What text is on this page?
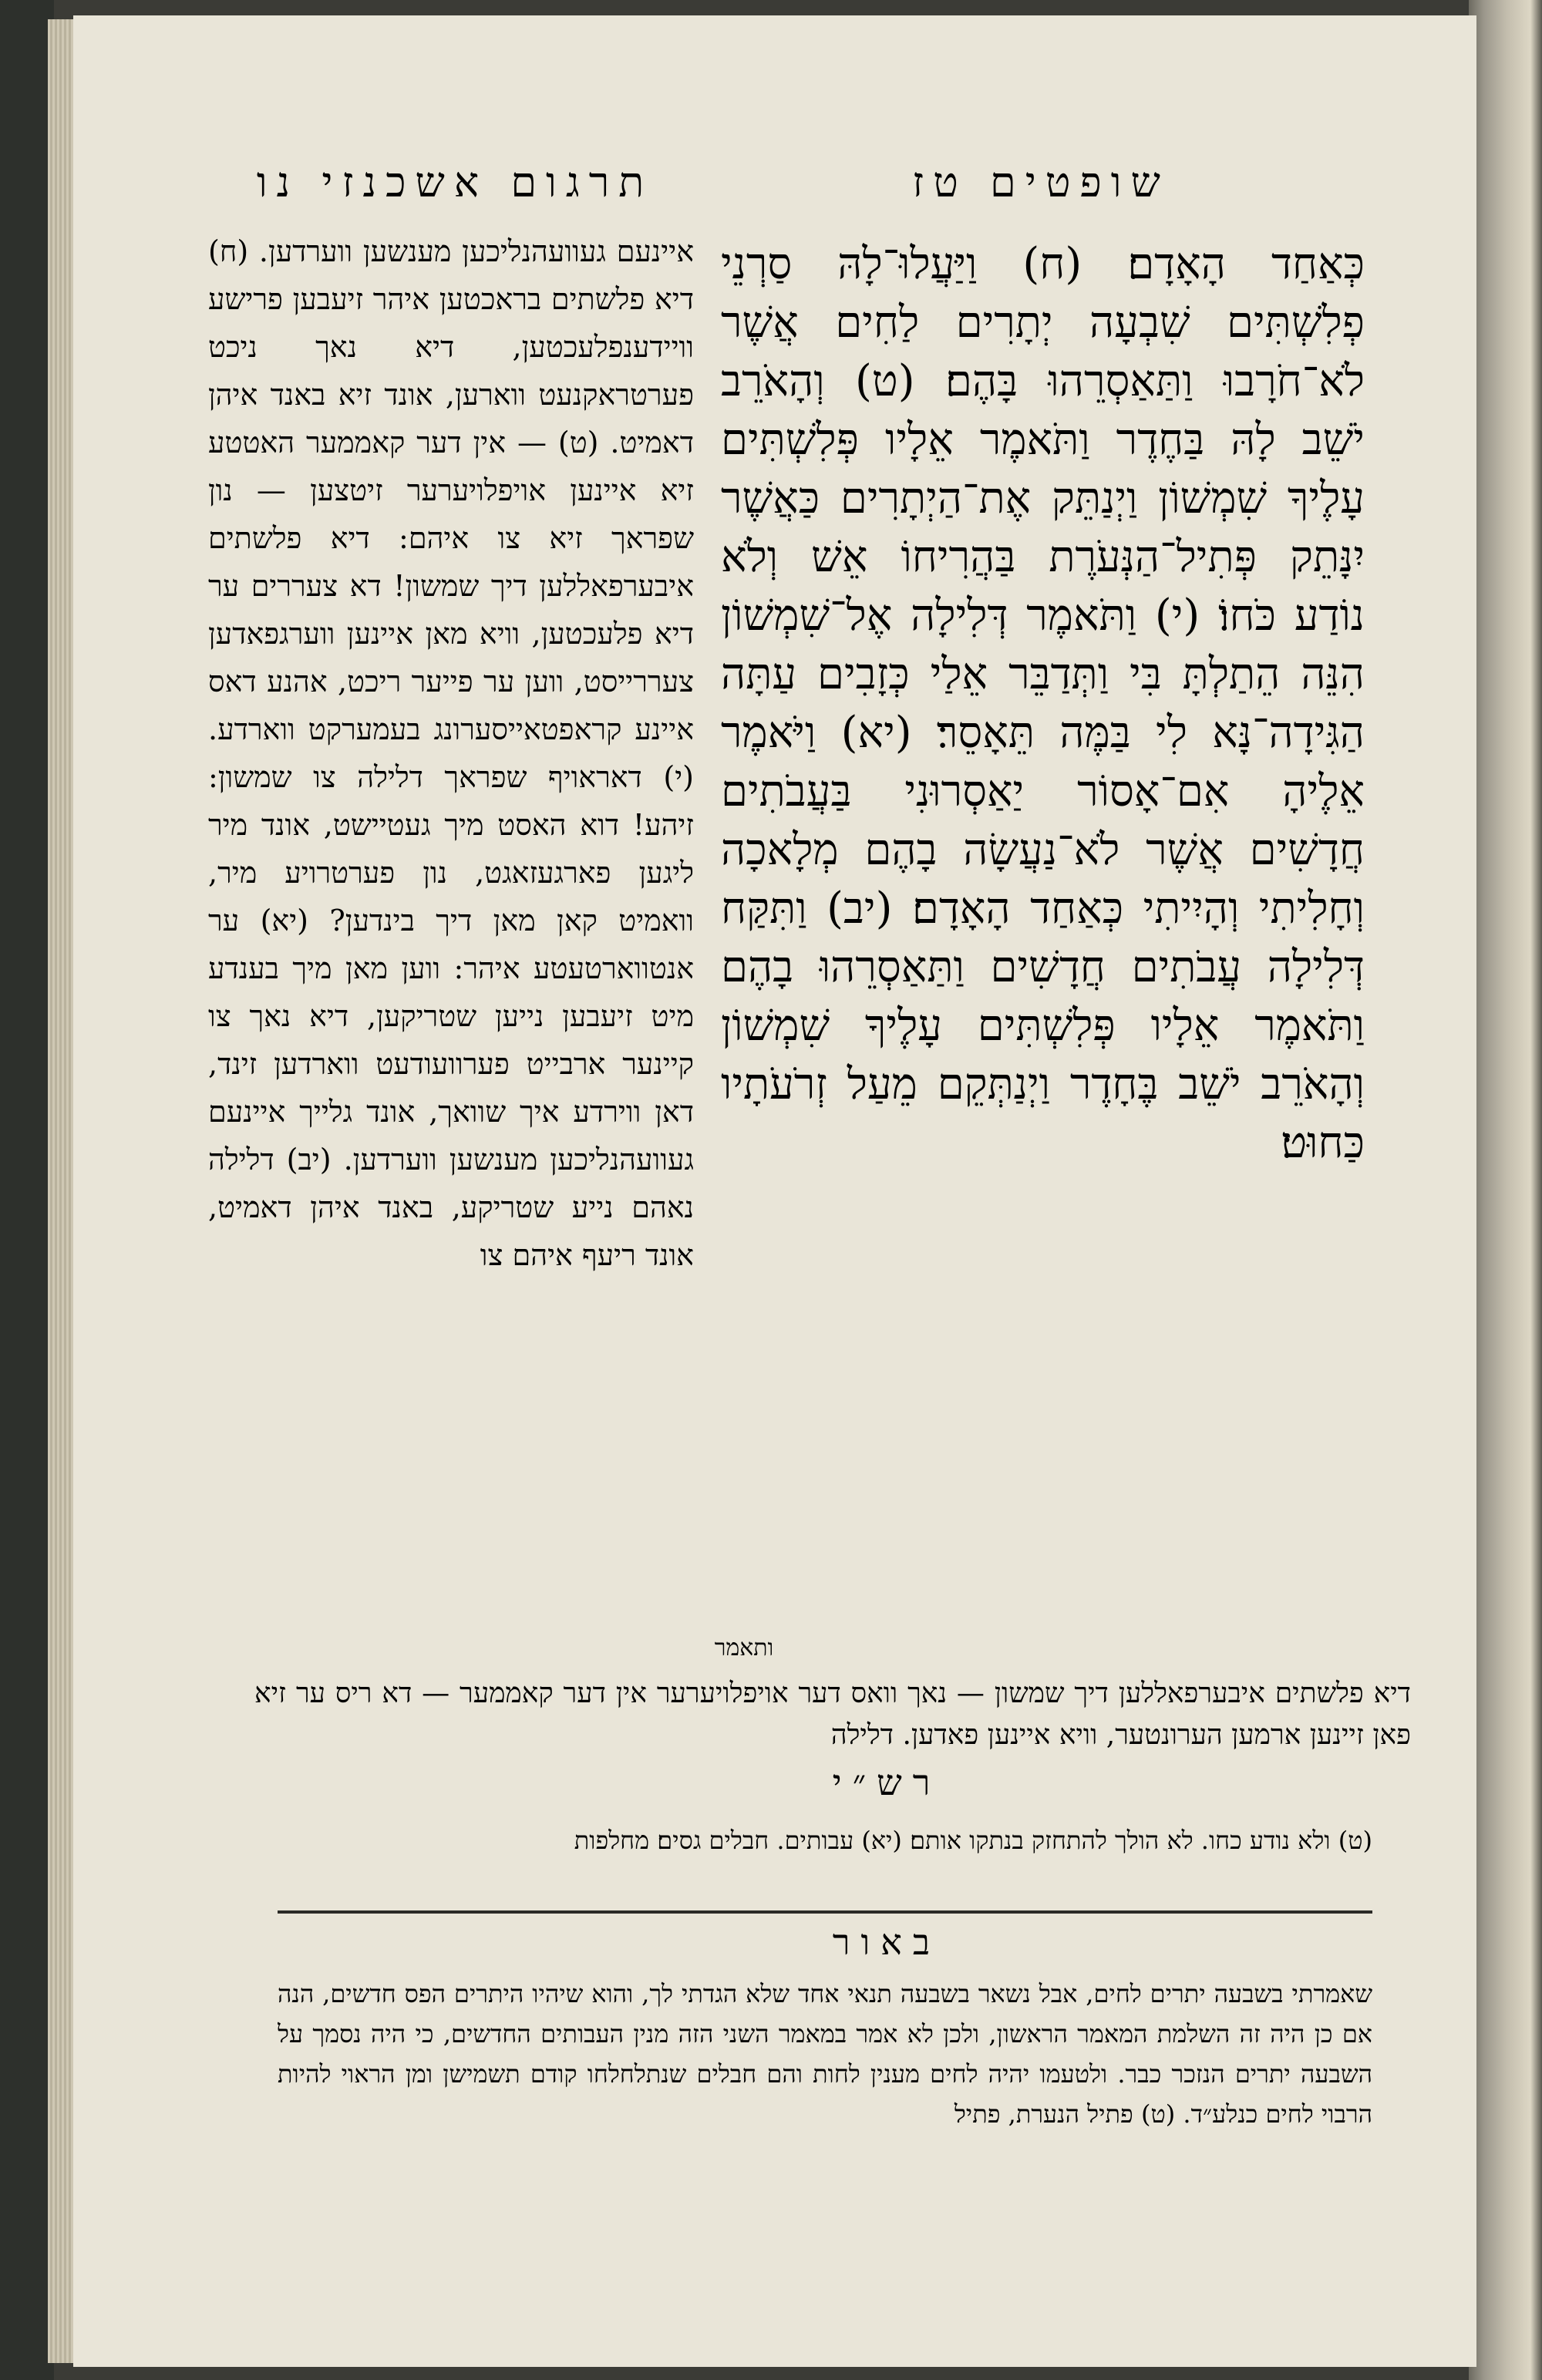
תרגום אשכנזי נו	שופטים טז
איינעם געוועהנליכען מענשען ווערדען. (ח) דיא פלשתים בראכטען איהר זיעבען פרישע וויידענפלעכטען, דיא נאך ניכט פערטראקנעט ווארען, אונד זיא באנד איהן דאמיט. (ט) — אין דער קאממער האטטע זיא איינען אויפלויערער זיטצען — נון שפראך זיא צו איהם: דיא פלשתים איבערפאללען דיך שמשון! דא צעררים ער דיא פלעכטען, וויא מאן איינען ווערגפאדען צעררייסט, ווען ער פייער ריכט, אהנע דאס איינע קראפטאייסערונג בעמערקט ווארדע. (י) דאראויף שפראך דלילה צו שמשון: זיהע! דוא האסט מיך געטיישט, אונד מיר ליגען פארגעזאגט, נון פערטרויע מיר, וואמיט קאן מאן דיך בינדען? (יא) ער אנטווארטעטע איהר: ווען מאן מיך בענדע מיט זיעבען נייען שטריקען, דיא נאך צו קיינער ארבייט פערוועודעט ווארדען זינד, דאן ווירדע איך שוואך, אונד גלייך איינעם געוועהנליכען מענשען ווערדען. (יב) דלילה נאהם נייע שטריקע, באנד איהן דאמיט, אונד ריעף איהם צו
כְּאַחַד הָאָדָם׃ (ח) וַיַּעֲלוּ־לָהּ סַרְנֵי פְלִשְׁתִּים שִׁבְעָה יְתָרִים לַחִים אֲשֶׁר לֹא־חֹרָבוּ וַתַּאַסְרֵהוּ בָּהֶם׃ (ט) וְהָאֹרֵב יֹשֵׁב לָהּ בַּחֶדֶר וַתֹּאמֶר אֵלָיו פְּלִשְׁתִּים עָלֶיךָ שִׁמְשׁוֹן וַיְנַתֵּק אֶת־הַיְתָרִים כַּאֲשֶׁר יִנָּתֵק פְּתִיל־הַנְּעֹרֶת בַּהֲרִיחוֹ אֵשׁ וְלֹא נוֹדַע כֹּחוֹ׃ (י) וַתֹּאמֶר דְּלִילָה אֶל־שִׁמְשׁוֹן הִנֵּה הֵתַלְתָּ בִּי וַתְּדַבֵּר אֵלַי כְּזָבִים עַתָּה הַגִּידָה־נָּא לִי בַּמֶּה תֵּאָסֵר׃ (יא) וַיֹּאמֶר אֵלֶיהָ אִם־אָסוֹר יַאַסְרוּנִי בַּעֲבֹתִים חֲדָשִׁים אֲשֶׁר לֹא־נַעֲשָׂה בָהֶם מְלָאכָה וְחָלִיתִי וְהָיִיתִי כְּאַחַד הָאָדָם׃ (יב) וַתִּקַּח דְּלִילָה עֲבֹתִים חֲדָשִׁים וַתַּאַסְרֵהוּ בָהֶם וַתֹּאמֶר אֵלָיו פְּלִשְׁתִּים עָלֶיךָ שִׁמְשׁוֹן וְהָאֹרֵב יֹשֵׁב בֶּחָדֶר וַיְנַתְּקֵם מֵעַל זְרֹעֹתָיו כַּחוּט׃
ותאמר
דיא פלשתים איבערפאללען דיך שמשון — נאך וואס דער אויפלויערער אין דער קאממער — דא ריס ער זיא פאן זיינען ארמען הערונטער, וויא איינען פאדען. דלילה
רש״י
(ט) ולא נודע כחו. לא הולך להתחזק בנתקו אותם׃ (יא) עבותים. חבלים גסים׃ מחלפות
באור
שאמרתי בשבעה יתרים לחים, אבל נשאר בשבעה תנאי אחד שלא הגדתי לך, והוא שיהיו היתרים הפס חדשים, הנה אם כן היה זה השלמת המאמר הראשון, ולכן לא אמר במאמר השני הזה מנין העבותים החדשים, כי היה נסמך על השבעה יתרים הנזכר כבר. ולטעמו יהיה לחים מענין לחות והם חבלים שנתלחלחו קודם תשמישן ומן הראוי להיות הרבוי לחים כנלע״ד. (ט) פתיל הנערת, פתיל
